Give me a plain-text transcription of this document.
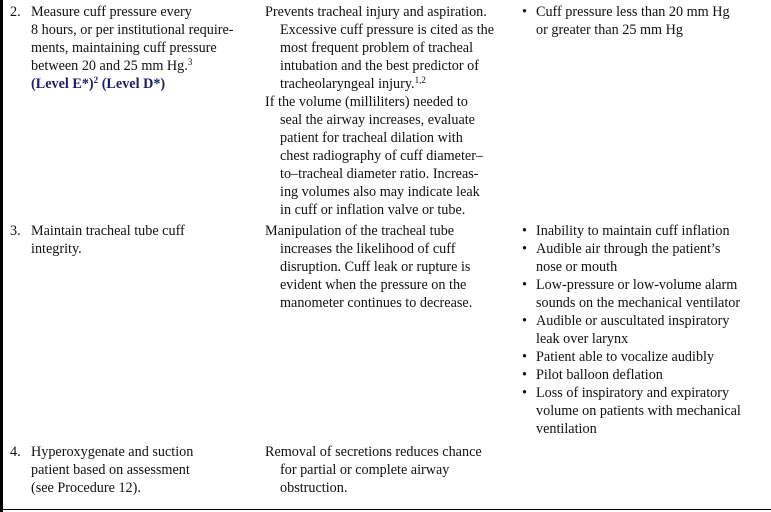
2. Measure cuff pressure every
8 hours, or per institutional require-
ments, maintaining cuff pressure
between 20 and 25 mm Hg.$^3$
(Level E*)$^2$ (Level D*)
Prevents tracheal injury and aspiration.
Excessive cuff pressure is cited as the
most frequent problem of tracheal
intubation and the best predictor of
tracheolaryngeal injury.$^{1,2}$
If the volume (milliliters) needed to
seal the airway increases, evaluate
patient for tracheal dilation with
chest radiography of cuff diameter–
to–tracheal diameter ratio. Increas-
ing volumes also may indicate leak
in cuff or inflation valve or tube.
• Cuff pressure less than 20 mm Hg
or greater than 25 mm Hg
3. Maintain tracheal tube cuff
integrity.
Manipulation of the tracheal tube
increases the likelihood of cuff
disruption. Cuff leak or rupture is
evident when the pressure on the
manometer continues to decrease.
• Inability to maintain cuff inflation
• Audible air through the patient’s
nose or mouth
• Low-pressure or low-volume alarm
sounds on the mechanical ventilator
• Audible or auscultated inspiratory
leak over larynx
• Patient able to vocalize audibly
• Pilot balloon deflation
• Loss of inspiratory and expiratory
volume on patients with mechanical
ventilation
4. Hyperoxygenate and suction
patient based on assessment
(see Procedure 12).
Removal of secretions reduces chance
for partial or complete airway
obstruction.
